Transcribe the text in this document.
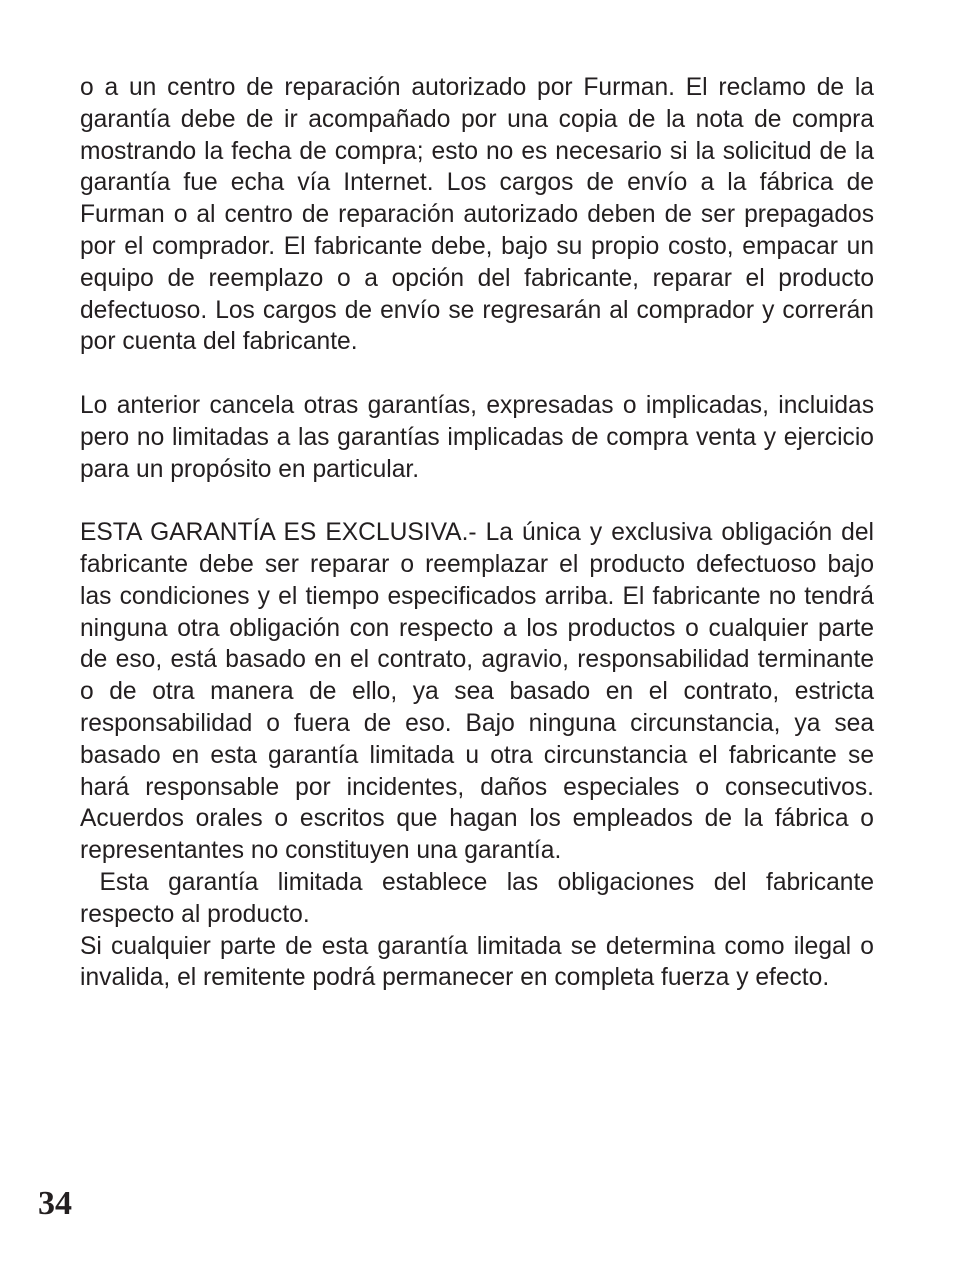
o a un centro de reparación autorizado por Furman. El reclamo de la garantía debe de ir acompañado por una copia de la nota de compra mostrando la fecha de compra; esto no es necesario si la solicitud de la garantía fue echa vía Internet. Los cargos de envío a la fábrica de Furman o al centro de reparación autorizado deben de ser prepagados por el comprador. El fabricante debe, bajo su propio costo, empacar un equipo de reemplazo o a opción del fabricante, reparar el producto defectuoso. Los cargos de envío se regresarán al comprador y correrán por cuenta del fabricante.

Lo anterior cancela otras garantías, expresadas o implicadas, incluidas pero no limitadas a las garantías implicadas de compra venta y ejercicio para un propósito en particular.

ESTA GARANTÍA ES EXCLUSIVA.- La única y exclusiva obligación del fabricante debe ser reparar o reemplazar el producto defectuoso bajo las condiciones y el tiempo especificados arriba. El fabricante no tendrá ninguna otra obligación con respecto a los productos o cualquier parte de eso, está basado en el contrato, agravio, responsabilidad terminante o de otra manera de ello, ya sea basado en el contrato, estricta responsabilidad o fuera de eso. Bajo ninguna circunstancia, ya sea basado en esta garantía limitada u otra circunstancia el fabricante se hará responsable por incidentes, daños especiales o consecutivos. Acuerdos orales o escritos que hagan los empleados de la fábrica o representantes no constituyen una garantía.

Esta garantía limitada establece las obligaciones del fabricante respecto al producto.

Si cualquier parte de esta garantía limitada se determina como ilegal o invalida, el remitente podrá permanecer en completa fuerza y efecto.

34
